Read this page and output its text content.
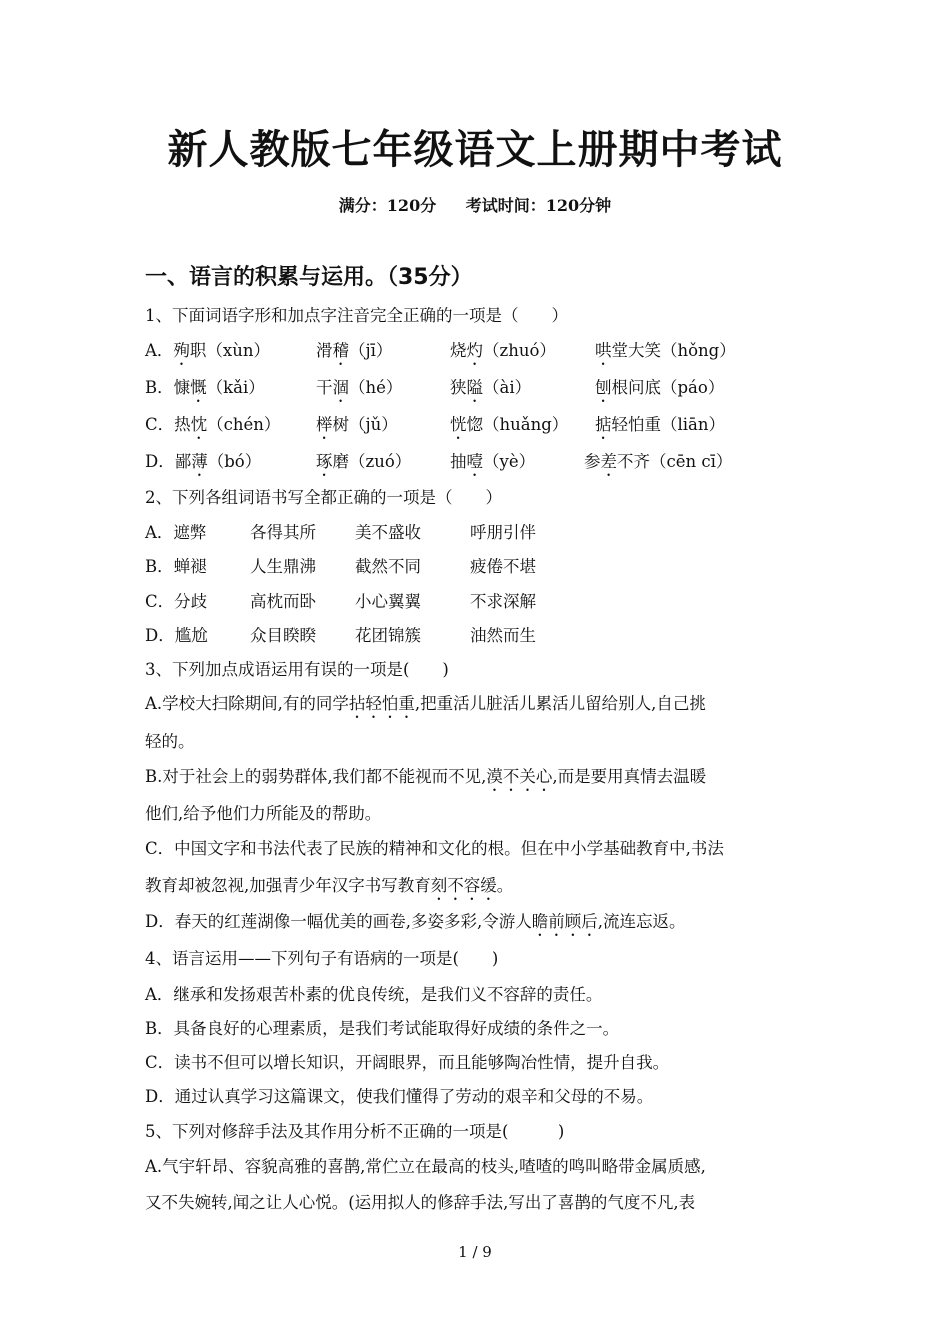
新人教版七年级语文上册期中考试
满分：120分 考试时间：120分钟
一、语言的积累与运用。（35分）
1、下面词语字形和加点字注音完全正确的一项是（　　）
A．殉职（xùn）	滑稽（jī）	烧灼（zhuó） 哄堂大笑（hǒng）
B．慷慨（kǎi）	干涸（hé）	狭隘（ài）	刨根问底（páo）
C．热忱（chén） 榉树（jǔ）	恍惚（huǎng） 掂轻怕重（liān）
D．鄙薄（bó）	琢磨（zuó） 抽噎（yè）	参差不齐（cēn cī）
2、下列各组词语书写全都正确的一项是（　　）
A．遮弊	各得其所 美不盛收	呼朋引伴
B．蝉褪	人生鼎沸 截然不同	疲倦不堪
C．分歧	高枕而卧 小心翼翼	不求深解
D．尴尬	众目睽睽 花团锦簇	油然而生
3、下列加点成语运用有误的一项是(　　)
A.学校大扫除期间,有的同学拈轻怕重,把重活儿脏活儿累活儿留给别人,自己挑
轻的。
B.对于社会上的弱势群体,我们都不能视而不见,漠不关心,而是要用真情去温暖
他们,给予他们力所能及的帮助。
C．中国文字和书法代表了民族的精神和文化的根。但在中小学基础教育中,书法
教育却被忽视,加强青少年汉字书写教育刻不容缓。
D．春天的红莲湖像一幅优美的画卷,多姿多彩,令游人瞻前顾后,流连忘返。
4、语言运用——下列句子有语病的一项是(　　)
A．继承和发扬艰苦朴素的优良传统，是我们义不容辞的责任。
B．具备良好的心理素质，是我们考试能取得好成绩的条件之一。
C．读书不但可以增长知识，开阔眼界，而且能够陶冶性情，提升自我。
D．通过认真学习这篇课文，使我们懂得了劳动的艰辛和父母的不易。
5、下列对修辞手法及其作用分析不正确的一项是(　　　)
A.气宇轩昂、容貌高雅的喜鹊,常伫立在最高的枝头,喳喳的鸣叫略带金属质感,
又不失婉转,闻之让人心悦。(运用拟人的修辞手法,写出了喜鹊的气度不凡,表
1 / 9
